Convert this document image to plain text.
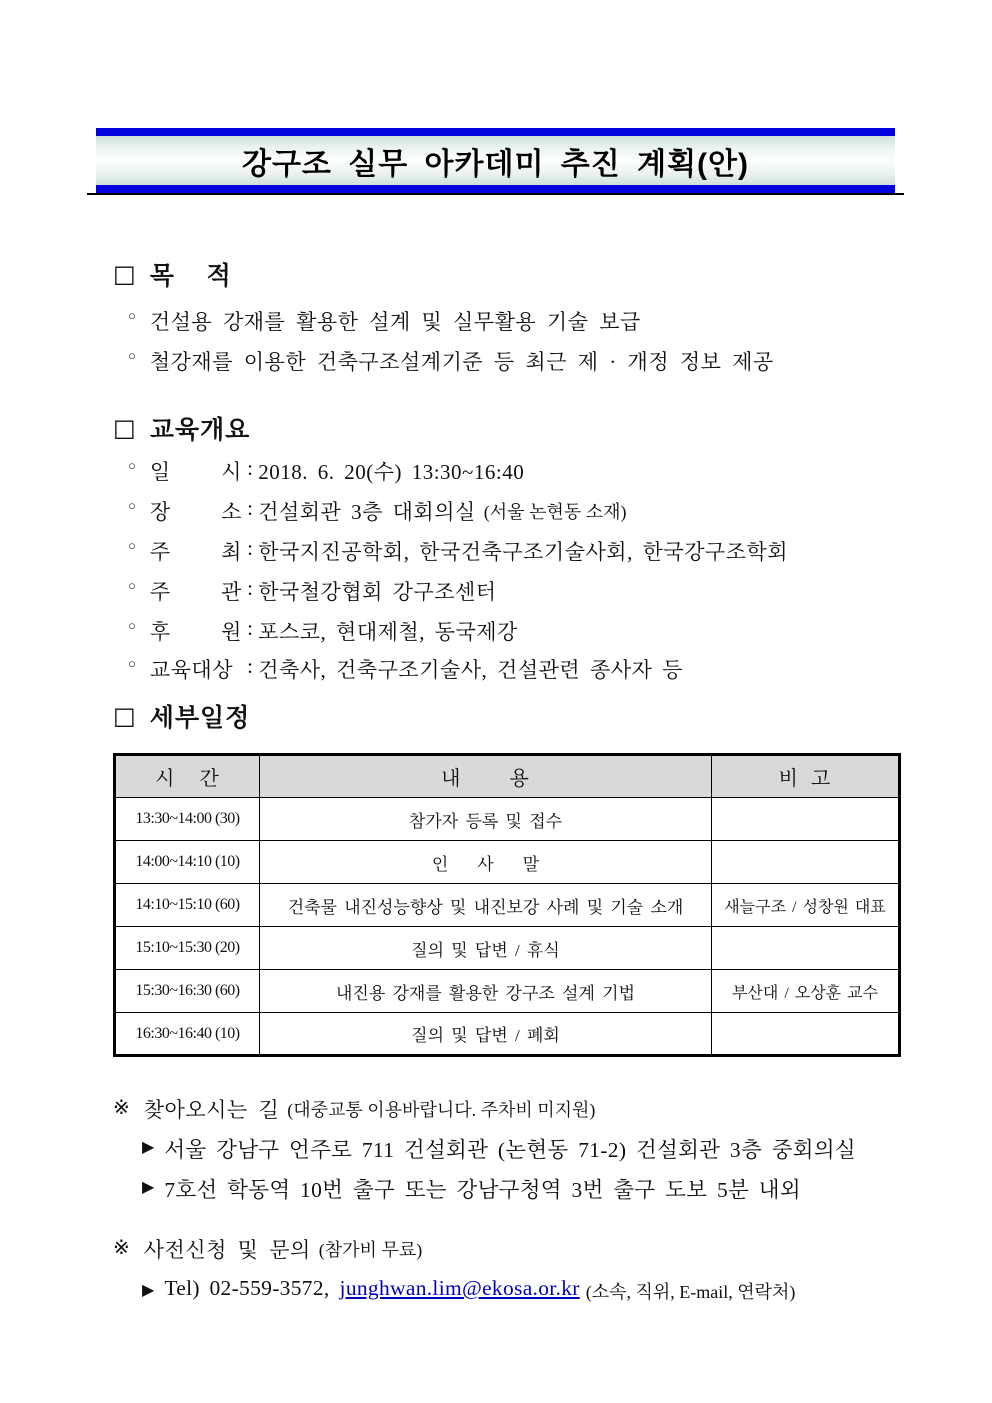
강구조 실무 아카데미 추진 계획(안)
□ 목    적
○ 건설용 강재를 활용한 설계 및 실무활용 기술 보급
○ 철강재를 이용한 건축구조설계기준 등 최근 제 · 개정 정보 제공
□ 교육개요
○ 일 시 : 2018. 6. 20(수) 13:30~16:40
○ 장 소 : 건설회관 3층 대회의실 (서울 논현동 소재)
○ 주 최 : 한국지진공학회, 한국건축구조기술사회, 한국강구조학회
○ 주 관 : 한국철강협회 강구조센터
○ 후 원 : 포스코, 현대제철, 동국제강
○ 교육대상 : 건축사, 건축구조기술사, 건설관련 종사자 등
□ 세부일정
시    간	내        용	비  고
13:30~14:00 (30)	참가자 등록 및 접수	
14:00~14:10 (10)	인    사    말	
14:10~15:10 (60)	건축물 내진성능향상 및 내진보강 사례 및 기술 소개	새늘구조 / 성창원 대표
15:10~15:30 (20)	질의 및 답변 / 휴식	
15:30~16:30 (60)	내진용 강재를 활용한 강구조 설계 기법	부산대 / 오상훈 교수
16:30~16:40 (10)	질의 및 답변 / 폐회	
※ 찾아오시는 길 (대중교통 이용바랍니다. 주차비 미지원)
▶ 서울 강남구 언주로 711 건설회관 (논현동 71-2) 건설회관 3층 중회의실
▶ 7호선 학동역 10번 출구 또는 강남구청역 3번 출구 도보 5분 내외
※ 사전신청 및 문의 (참가비 무료)
▶ Tel) 02-559-3572, junghwan.lim@ekosa.or.kr (소속, 직위, E-mail, 연락처)
